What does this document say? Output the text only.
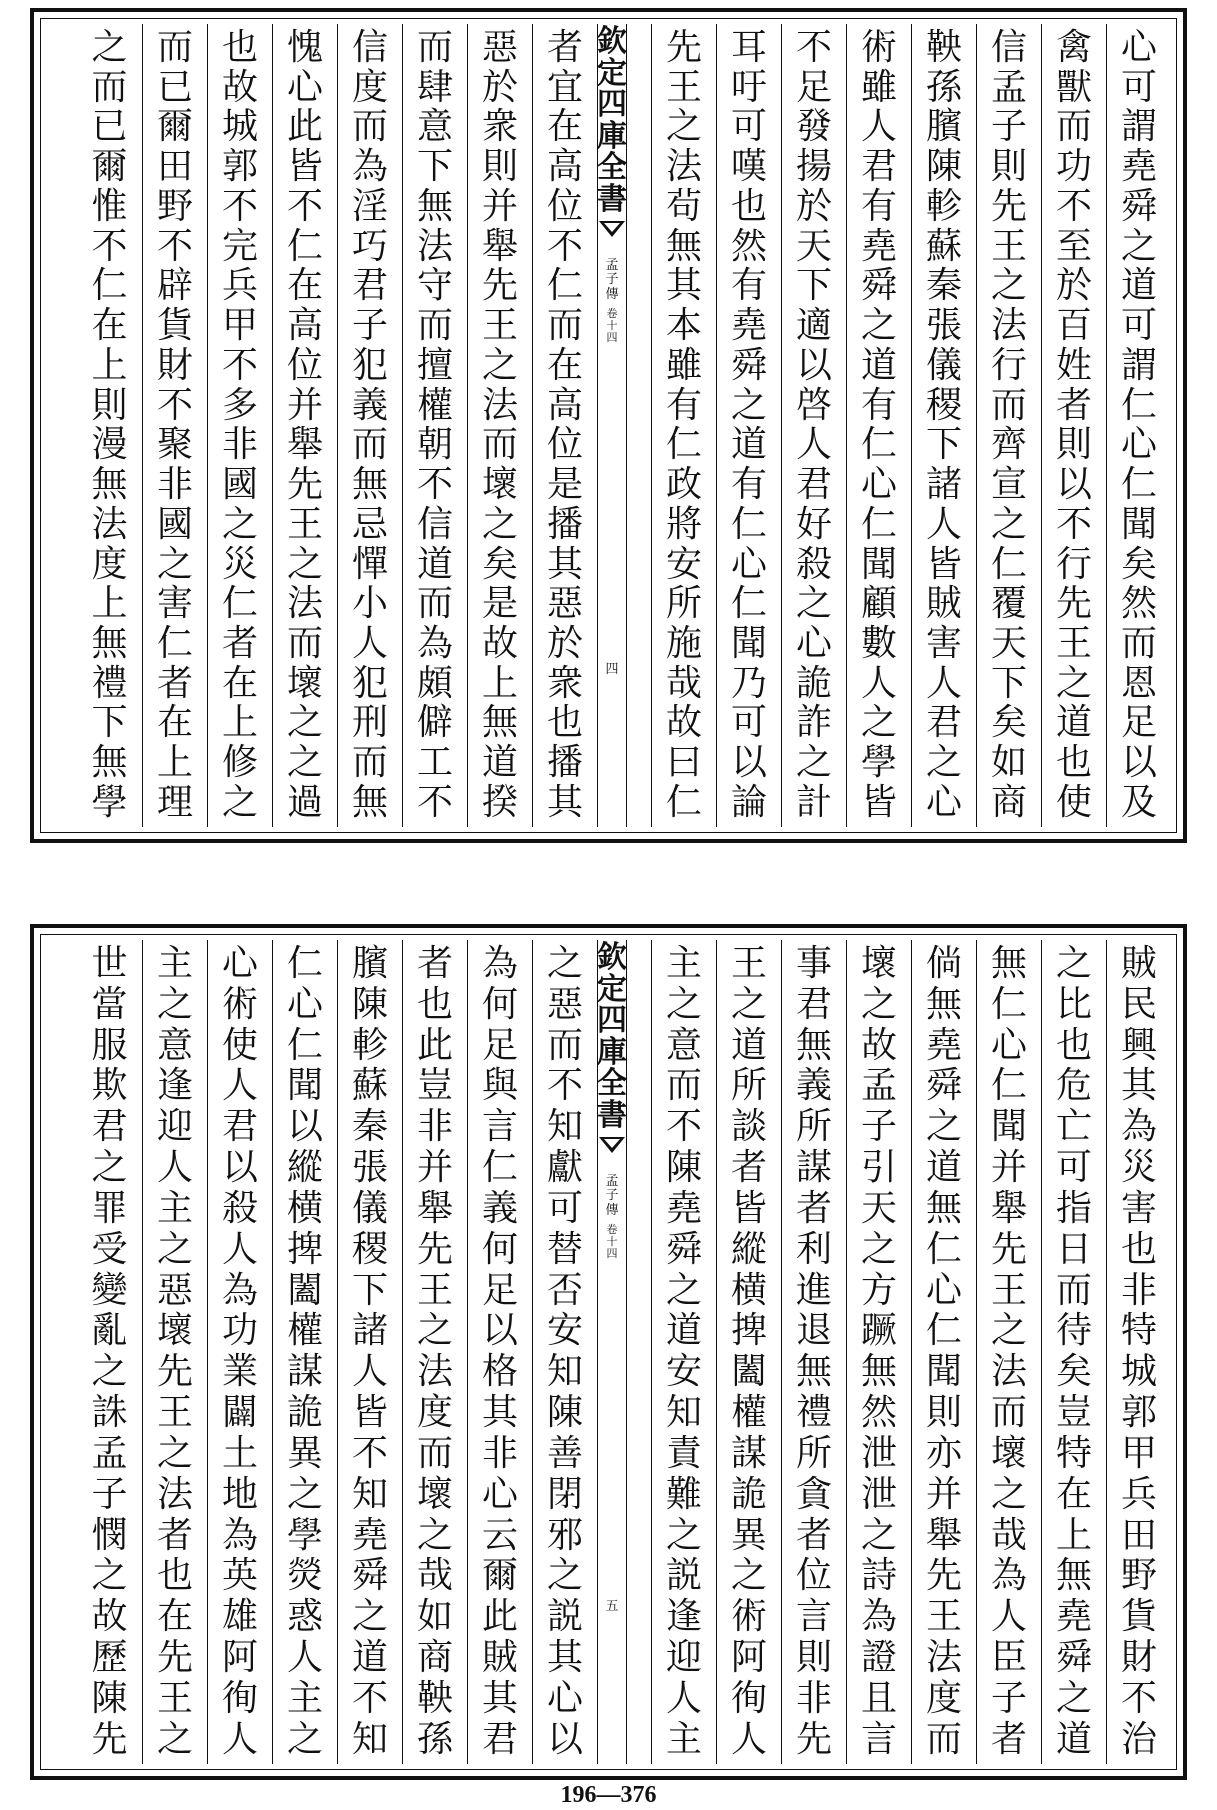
心
可
謂
堯
舜
之
道
可
謂
仁
心
仁
聞
矣
然
而
恩
足
以
及
禽
獸
而
功
不
至
於
百
姓
者
則
以
不
行
先
王
之
道
也
使
信
孟
子
則
先
王
之
法
行
而
齊
宣
之
仁
覆
天
下
矣
如
商
鞅
孫
臏
陳
軫
蘇
秦
張
儀
稷
下
諸
人
皆
賊
害
人
君
之
心
術
雖
人
君
有
堯
舜
之
道
有
仁
心
仁
聞
顧
數
人
之
學
皆
不
足
發
揚
於
天
下
適
以
啓
人
君
好
殺
之
心
詭
詐
之
計
耳
吁
可
嘆
也
然
有
堯
舜
之
道
有
仁
心
仁
聞
乃
可
以
論
先
王
之
法
茍
無
其
本
雖
有
仁
政
將
安
所
施
哉
故
曰
仁
欽
定
四
庫
全
書
孟
子
傳
卷
十
四
四
者
宜
在
高
位
不
仁
而
在
高
位
是
播
其
惡
於
衆
也
播
其
惡
於
衆
則
并
舉
先
王
之
法
而
壞
之
矣
是
故
上
無
道
揆
而
肆
意
下
無
法
守
而
擅
權
朝
不
信
道
而
為
頗
僻
工
不
信
度
而
為
淫
巧
君
子
犯
義
而
無
忌
憚
小
人
犯
刑
而
無
愧
心
此
皆
不
仁
在
高
位
并
舉
先
王
之
法
而
壞
之
之
過
也
故
城
郭
不
完
兵
甲
不
多
非
國
之
災
仁
者
在
上
修
之
而
已
爾
田
野
不
辟
貨
財
不
聚
非
國
之
害
仁
者
在
上
理
之
而
已
爾
惟
不
仁
在
上
則
漫
無
法
度
上
無
禮
下
無
學
賊
民
興
其
為
災
害
也
非
特
城
郭
甲
兵
田
野
貨
財
不
治
之
比
也
危
亡
可
指
日
而
待
矣
豈
特
在
上
無
堯
舜
之
道
無
仁
心
仁
聞
并
舉
先
王
之
法
而
壞
之
哉
為
人
臣
子
者
倘
無
堯
舜
之
道
無
仁
心
仁
聞
則
亦
并
舉
先
王
法
度
而
壞
之
故
孟
子
引
天
之
方
蹶
無
然
泄
泄
之
詩
為
證
且
言
事
君
無
義
所
謀
者
利
進
退
無
禮
所
貪
者
位
言
則
非
先
王
之
道
所
談
者
皆
縱
横
捭
闔
權
謀
詭
異
之
術
阿
徇
人
主
之
意
而
不
陳
堯
舜
之
道
安
知
責
難
之
説
逢
迎
人
主
欽
定
四
庫
全
書
孟
子
傳
卷
十
四
五
之
惡
而
不
知
獻
可
替
否
安
知
陳
善
閉
邪
之
説
其
心
以
為
何
足
與
言
仁
義
何
足
以
格
其
非
心
云
爾
此
賊
其
君
者
也
此
豈
非
并
舉
先
王
之
法
度
而
壞
之
哉
如
商
鞅
孫
臏
陳
軫
蘇
秦
張
儀
稷
下
諸
人
皆
不
知
堯
舜
之
道
不
知
仁
心
仁
聞
以
縱
横
捭
闔
權
謀
詭
異
之
學
熒
惑
人
主
之
心
術
使
人
君
以
殺
人
為
功
業
闢
土
地
為
英
雄
阿
徇
人
主
之
意
逢
迎
人
主
之
惡
壞
先
王
之
法
者
也
在
先
王
之
世
當
服
欺
君
之
罪
受
變
亂
之
誅
孟
子
憫
之
故
歷
陳
先
196—376
